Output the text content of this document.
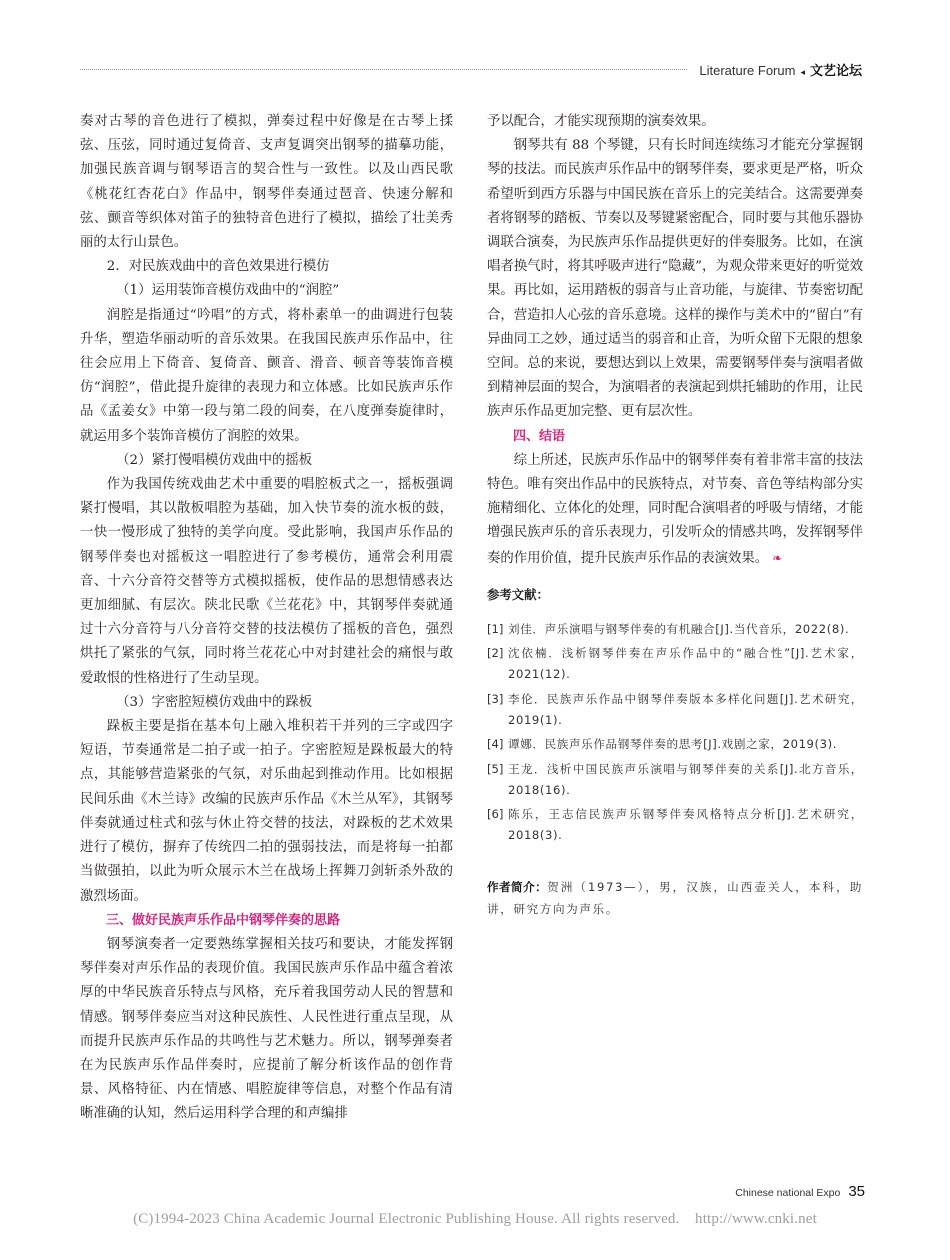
Literature Forum ◂ 文艺论坛

奏对古琴的音色进行了模拟，弹奏过程中好像是在古琴上揉弦、压弦，同时通过复倚音、支声复调突出钢琴的描摹功能，加强民族音调与钢琴语言的契合性与一致性。以及山西民歌《桃花红杏花白》作品中，钢琴伴奏通过琶音、快速分解和弦、颤音等织体对笛子的独特音色进行了模拟，描绘了壮美秀丽的太行山景色。

2．对民族戏曲中的音色效果进行模仿

（1）运用装饰音模仿戏曲中的“润腔”

润腔是指通过“吟唱”的方式，将朴素单一的曲调进行包装升华，塑造华丽动听的音乐效果。在我国民族声乐作品中，往往会应用上下倚音、复倚音、颤音、滑音、顿音等装饰音模仿“润腔”，借此提升旋律的表现力和立体感。比如民族声乐作品《孟姜女》中第一段与第二段的间奏，在八度弹奏旋律时，就运用多个装饰音模仿了润腔的效果。

（2）紧打慢唱模仿戏曲中的摇板

作为我国传统戏曲艺术中重要的唱腔板式之一，摇板强调紧打慢唱，其以散板唱腔为基础，加入快节奏的流水板的鼓，一快一慢形成了独特的美学向度。受此影响，我国声乐作品的钢琴伴奏也对摇板这一唱腔进行了参考模仿，通常会利用震音、十六分音符交替等方式模拟摇板，使作品的思想情感表达更加细腻、有层次。陕北民歌《兰花花》中，其钢琴伴奏就通过十六分音符与八分音符交替的技法模仿了摇板的音色，强烈烘托了紧张的气氛，同时将兰花花心中对封建社会的痛恨与敢爱敢恨的性格进行了生动呈现。

（3）字密腔短模仿戏曲中的跺板

跺板主要是指在基本句上融入堆积若干并列的三字或四字短语，节奏通常是二拍子或一拍子。字密腔短是跺板最大的特点，其能够营造紧张的气氛，对乐曲起到推动作用。比如根据民间乐曲《木兰诗》改编的民族声乐作品《木兰从军》，其钢琴伴奏就通过柱式和弦与休止符交替的技法，对跺板的艺术效果进行了模仿，摒弃了传统四二拍的强弱技法，而是将每一拍都当做强拍，以此为听众展示木兰在战场上挥舞刀剑斩杀外敌的激烈场面。

三、做好民族声乐作品中钢琴伴奏的思路

钢琴演奏者一定要熟练掌握相关技巧和要诀，才能发挥钢琴伴奏对声乐作品的表现价值。我国民族声乐作品中蕴含着浓厚的中华民族音乐特点与风格，充斥着我国劳动人民的智慧和情感。钢琴伴奏应当对这种民族性、人民性进行重点呈现，从而提升民族声乐作品的共鸣性与艺术魅力。所以，钢琴弹奏者在为民族声乐作品伴奏时，应提前了解分析该作品的创作背景、风格特征、内在情感、唱腔旋律等信息，对整个作品有清晰准确的认知，然后运用科学合理的和声编排

予以配合，才能实现预期的演奏效果。

钢琴共有 88 个琴键，只有长时间连续练习才能充分掌握钢琴的技法。而民族声乐作品中的钢琴伴奏，要求更是严格，听众希望听到西方乐器与中国民族在音乐上的完美结合。这需要弹奏者将钢琴的踏板、节奏以及琴键紧密配合，同时要与其他乐器协调联合演奏，为民族声乐作品提供更好的伴奏服务。比如，在演唱者换气时，将其呼吸声进行“隐藏”，为观众带来更好的听觉效果。再比如，运用踏板的弱音与止音功能，与旋律、节奏密切配合，营造扣人心弦的音乐意境。这样的操作与美术中的“留白”有异曲同工之妙，通过适当的弱音和止音，为听众留下无限的想象空间。总的来说，要想达到以上效果，需要钢琴伴奏与演唱者做到精神层面的契合，为演唱者的表演起到烘托辅助的作用，让民族声乐作品更加完整、更有层次性。

四、结语

综上所述，民族声乐作品中的钢琴伴奏有着非常丰富的技法特色。唯有突出作品中的民族特点，对节奏、音色等结构部分实施精细化、立体化的处理，同时配合演唱者的呼吸与情绪，才能增强民族声乐的音乐表现力，引发听众的情感共鸣，发挥钢琴伴奏的作用价值，提升民族声乐作品的表演效果。 ❧

参考文献：
[1] 刘佳．声乐演唱与钢琴伴奏的有机融合[J].当代音乐，2022(8).
[2] 沈依楠．浅析钢琴伴奏在声乐作品中的“融合性”[J].艺术家，2021(12).
[3] 李伦．民族声乐作品中钢琴伴奏版本多样化问题[J].艺术研究，2019(1).
[4] 谭娜．民族声乐作品钢琴伴奏的思考[J].戏剧之家，2019(3).
[5] 王龙．浅析中国民族声乐演唱与钢琴伴奏的关系[J].北方音乐，2018(16).
[6] 陈乐，王志信民族声乐钢琴伴奏风格特点分析[J].艺术研究，2018(3).
作者简介：贺洲（1973—），男，汉族，山西壶关人，本科，助讲，研究方向为声乐。
Chinese national Expo 35
(C)1994-2023 China Academic Journal Electronic Publishing House. All rights reserved.    http://www.cnki.net
